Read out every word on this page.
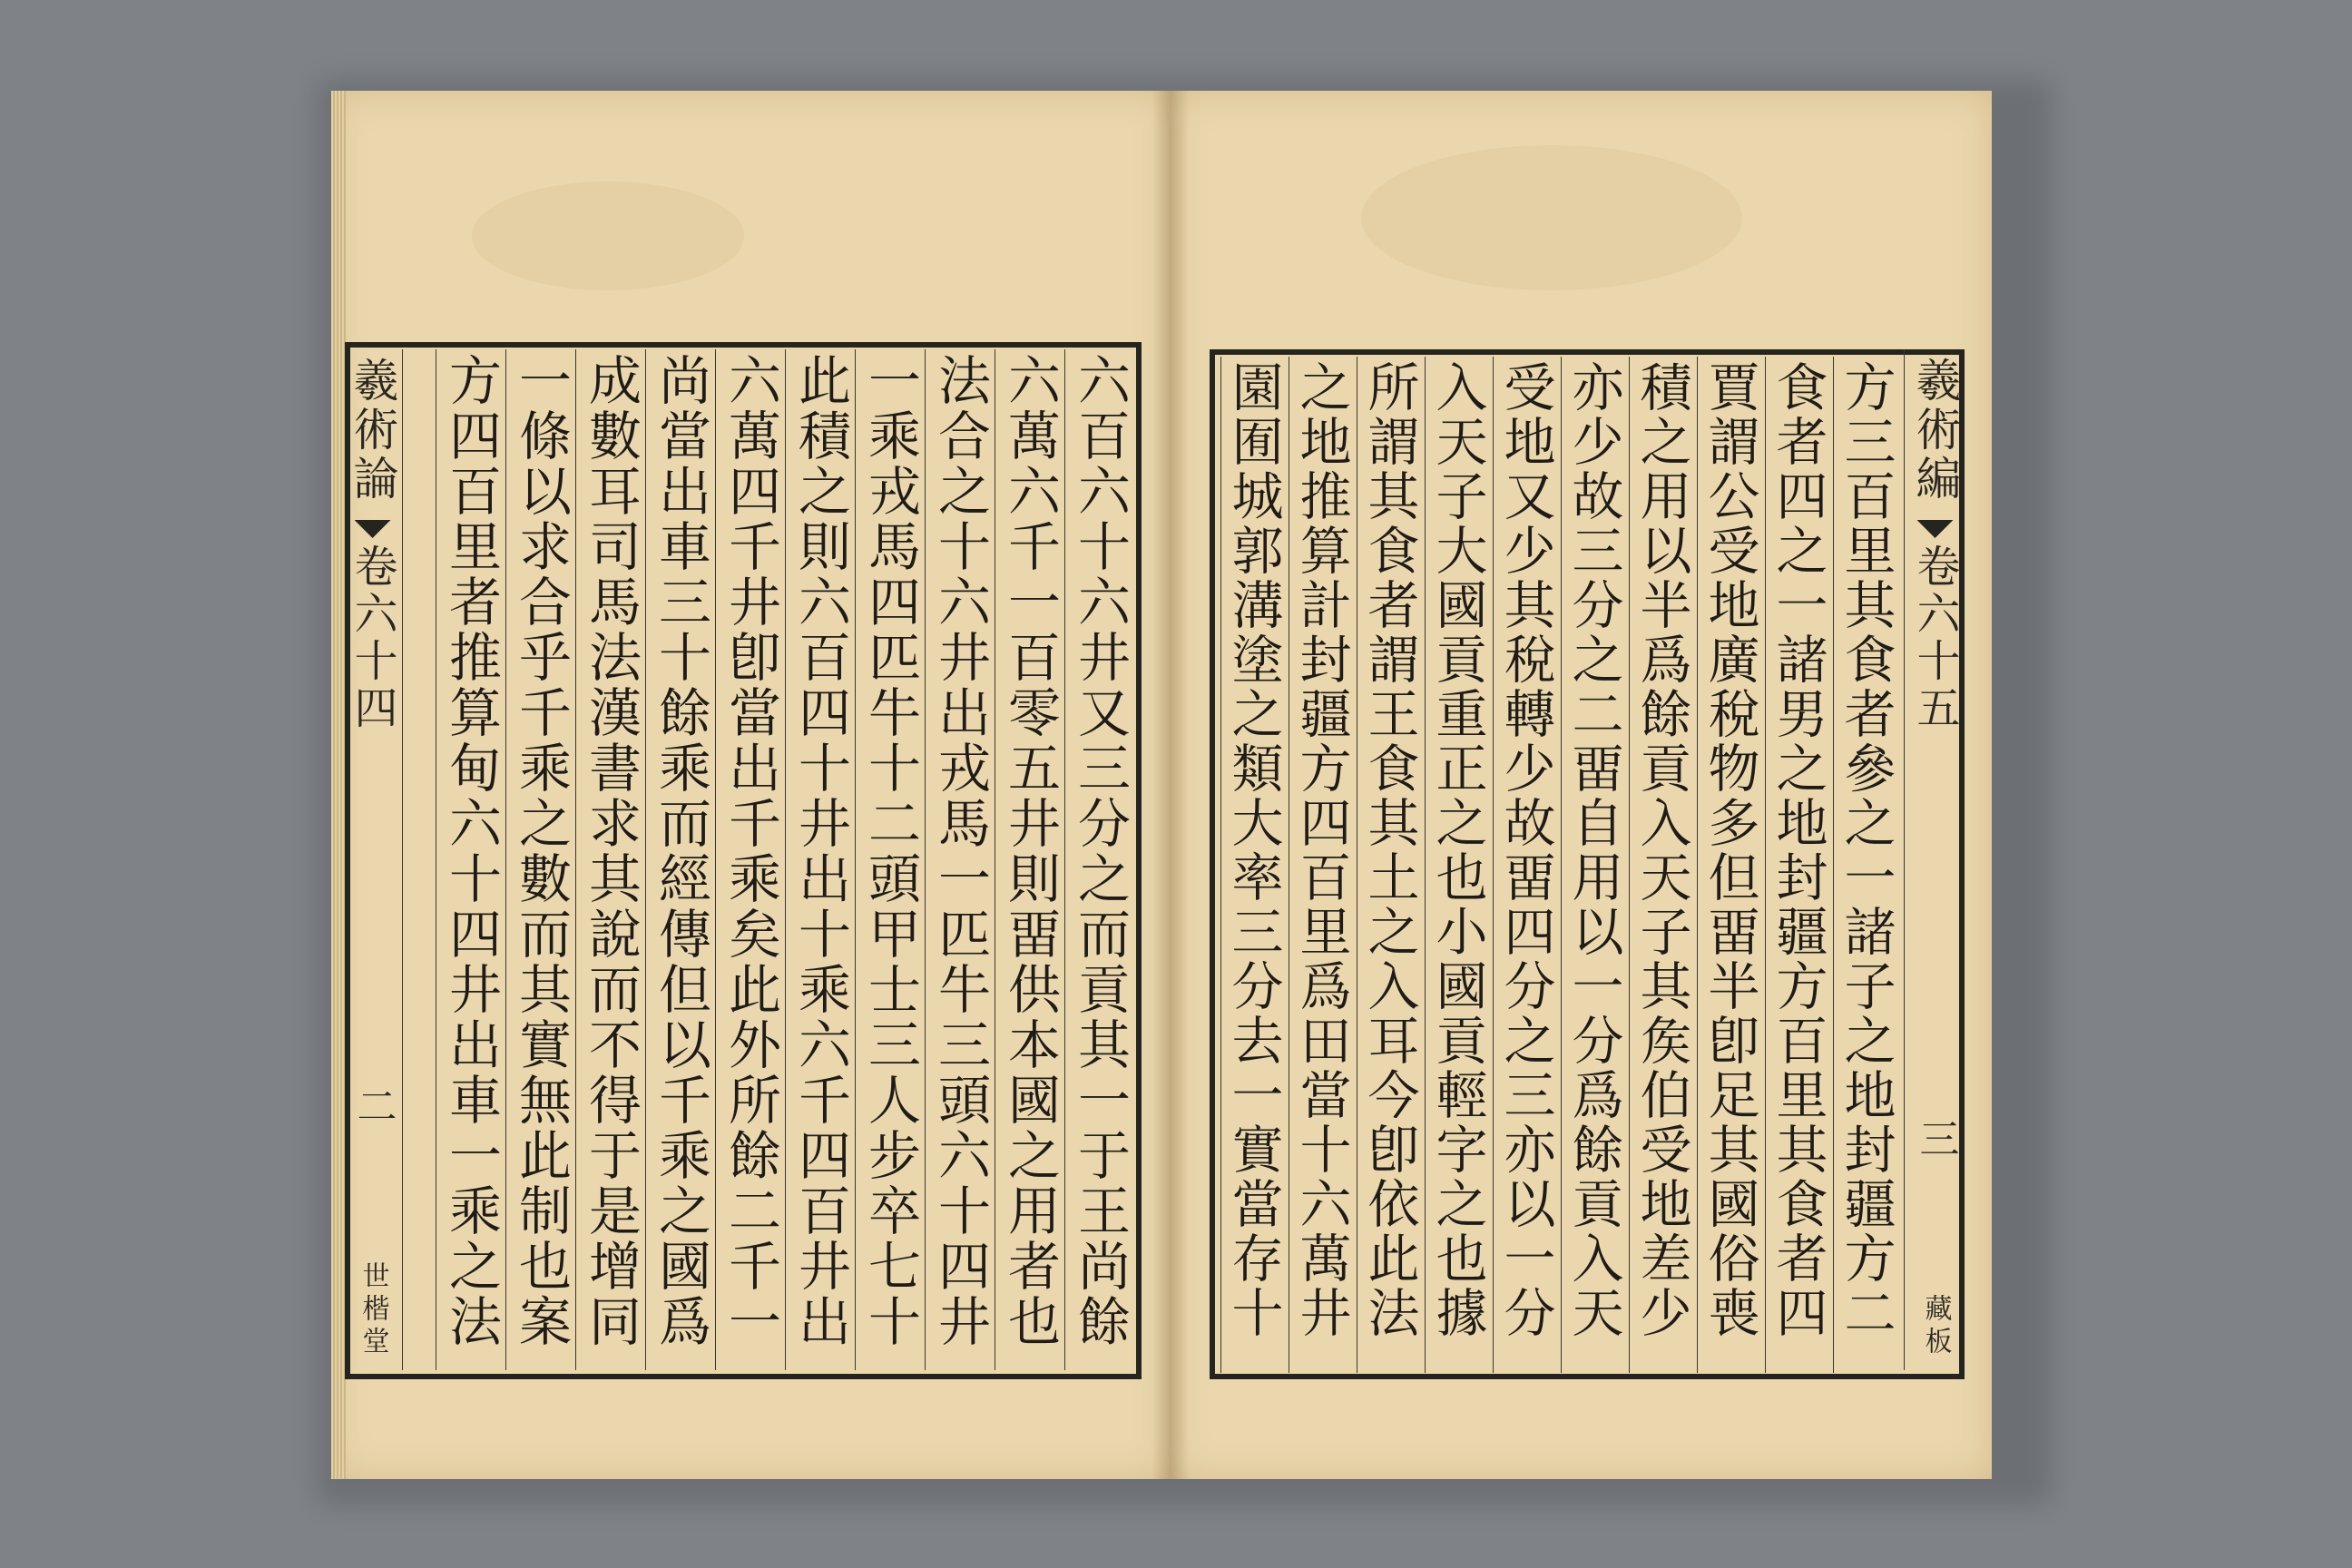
羲術論
卷六十四
二
世楷堂
六百六十六井又三分之而貢其一于王尚餘
六萬六千一百零五井則畱供本國之用者也
法合之十六井出戎馬一匹牛三頭六十四井
一乘戎馬四匹牛十二頭甲士三人步卒七十
此積之則六百四十井出十乘六千四百井出
六萬四千井卽當出千乘矣此外所餘二千一
尚當出車三十餘乘而經傳但以千乘之國爲
成數耳司馬法漢書求其說而不得于是增同
一條以求合乎千乘之數而其實無此制也案
方四百里者推算甸六十四井出車一乘之法
方三百里其食者參之一諸子之地封疆方二
食者四之一諸男之地封疆方百里其食者四
賈謂公受地廣稅物多但畱半卽足其國俗喪
積之用以半爲餘貢入天子其矦伯受地差少
亦少故三分之二畱自用以一分爲餘貢入天
受地又少其稅轉少故畱四分之三亦以一分
入天子大國貢重正之也小國貢輕字之也據
所謂其食者謂王食其土之入耳今卽依此法
之地推算計封疆方四百里爲田當十六萬井
園囿城郭溝塗之類大率三分去一實當存十
羲術編
卷六十五
三
藏板
